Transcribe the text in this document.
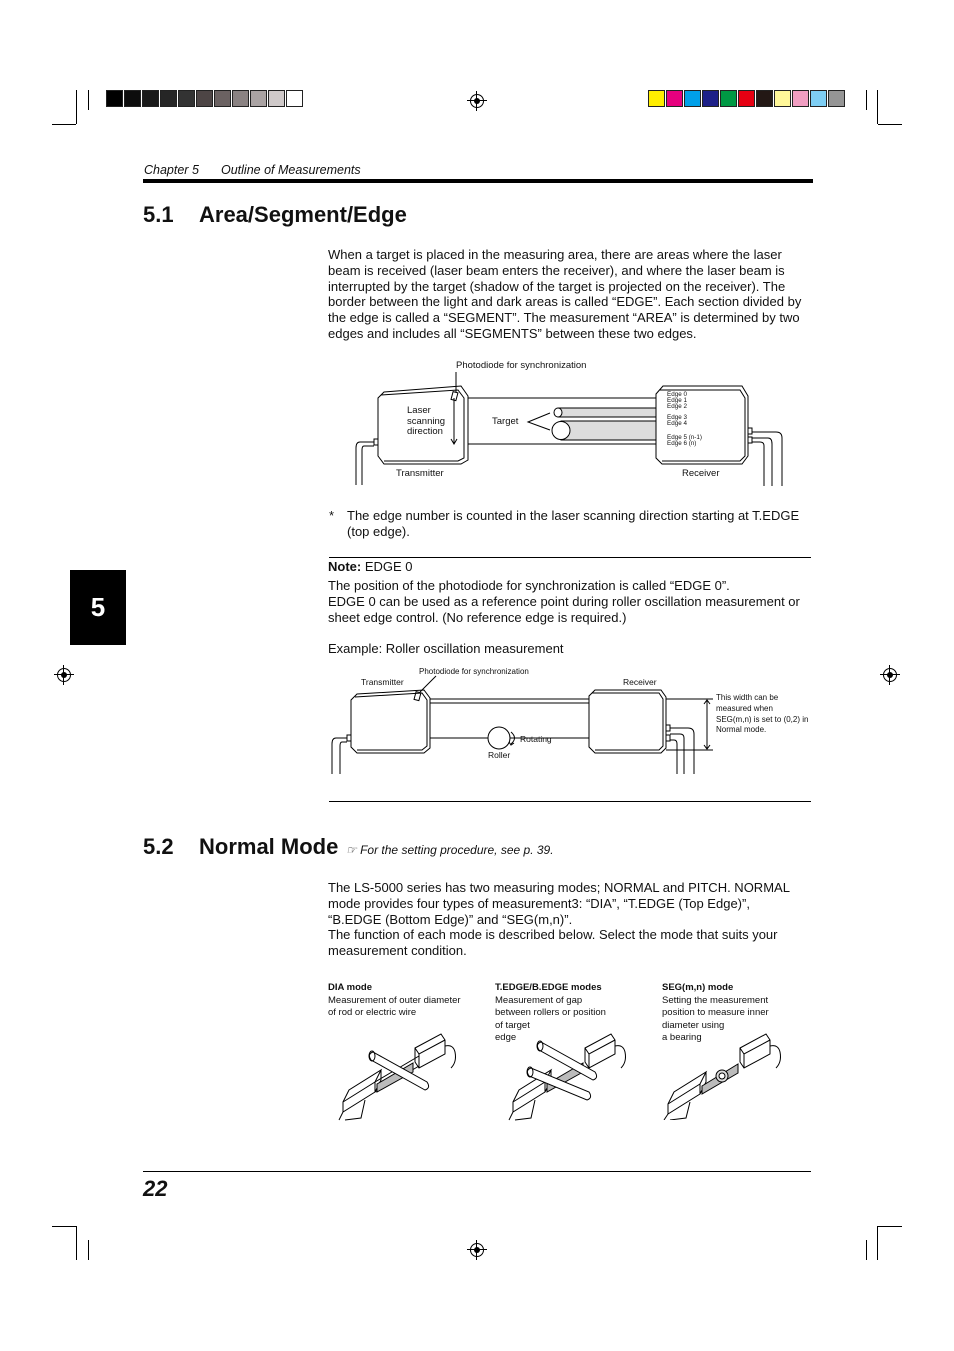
Chapter 5 Outline of Measurements
5
5.1 Area/Segment/Edge
When a target is placed in the measuring area, there are areas where the laser
beam is received (laser beam enters the receiver), and where the laser beam is
interrupted by the target (shadow of the target is projected on the receiver). The
border between the light and dark areas is called “EDGE”. Each section divided by
the edge is called a “SEGMENT”. The measurement “AREA” is determined by two
edges and includes all “SEGMENTS” between these two edges.
Photodiode for synchronization
Laser
scanning
direction
Target
Transmitter	Receiver
Edge 0
Edge 1
Edge 2
Edge 3
Edge 4
Edge 5 (n-1)
Edge 6 (n)
* The edge number is counted in the laser scanning direction starting at T.EDGE
(top edge).
Note: EDGE 0
The position of the photodiode for synchronization is called “EDGE 0”.
EDGE 0 can be used as a reference point during roller oscillation measurement or
sheet edge control. (No reference edge is required.)
Example: Roller oscillation measurement
Photodiode for synchronization
Transmitter	Receiver
Rotating
Roller
This width can be
measured when
SEG(m,n) is set to (0,2) in
Normal mode.
5.2 Normal Mode ☞ For the setting procedure, see p. 39.
The LS-5000 series has two measuring modes; NORMAL and PITCH. NORMAL
mode provides four types of measurement3: “DIA”, “T.EDGE (Top Edge)”,
“B.EDGE (Bottom Edge)” and “SEG(m,n)”.
The function of each mode is described below. Select the mode that suits your
measurement condition.
DIA mode
Measurement of outer diameter
of rod or electric wire
T.EDGE/B.EDGE modes
Measurement of gap
between rollers or position
of target
edge
SEG(m,n) mode
Setting the measurement
position to measure inner
diameter using
a bearing
22
